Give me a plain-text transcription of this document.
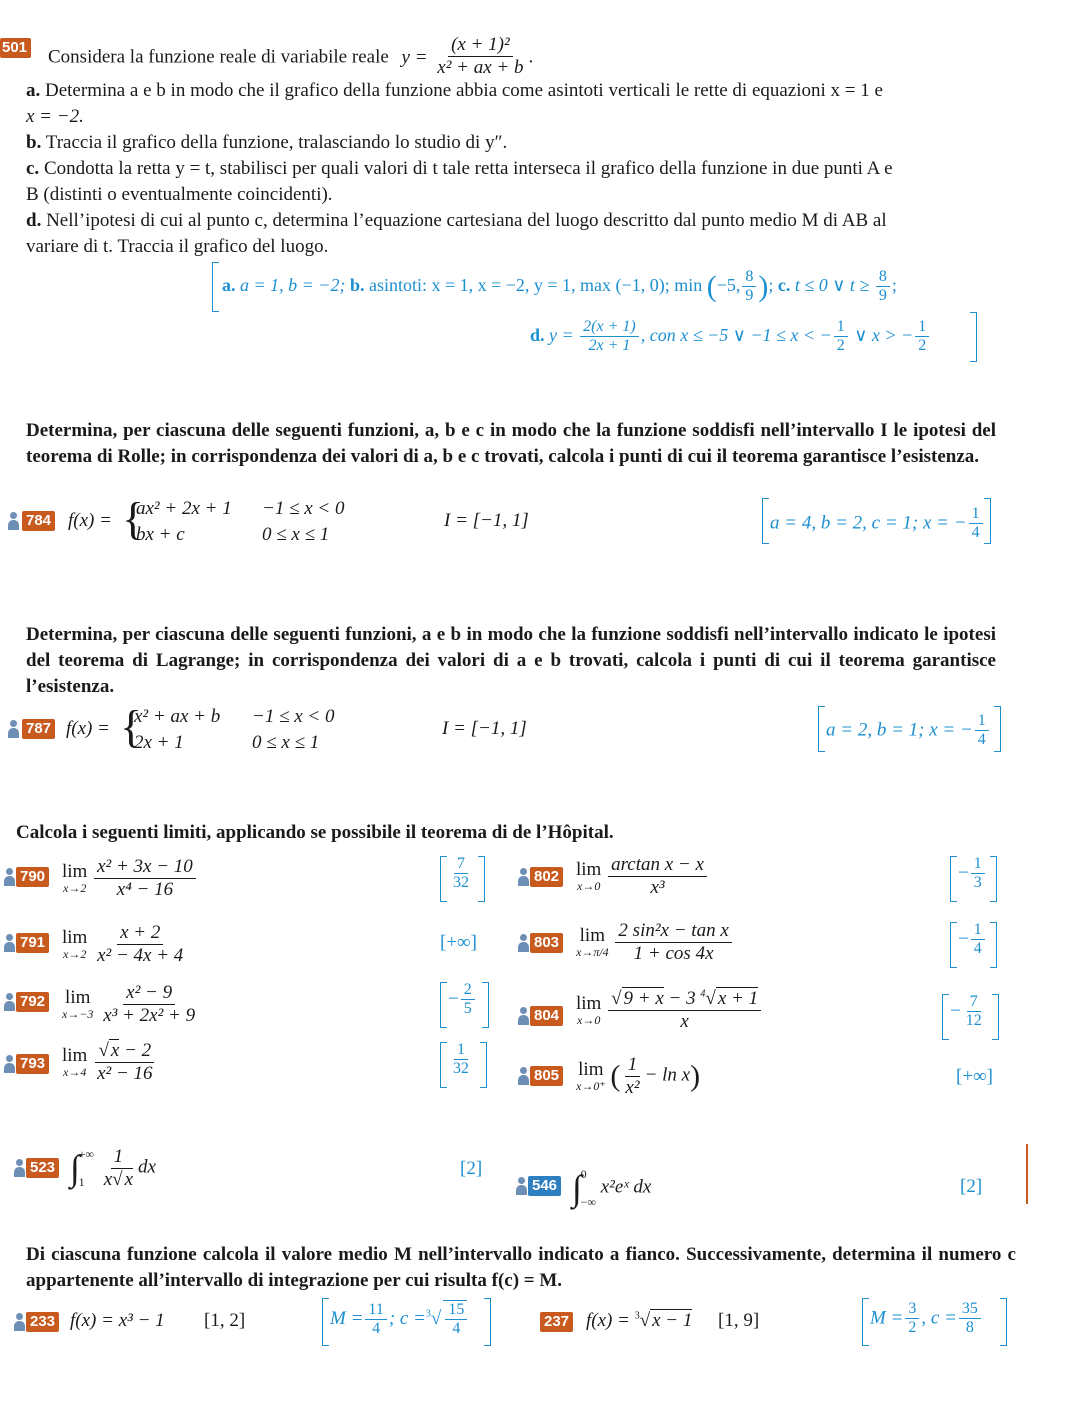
501 Considera la funzione reale di variabile reale $y = \frac{\text{(x + 1)²}}{\text{x² + ax + b}}$ .
a. Determina a e b in modo che il grafico della funzione abbia come asintoti verticali le rette di equazioni x = 1 e
x = −2.
b. Traccia il grafico della funzione, tralasciando lo studio di y″.
c. Condotta la retta y = t, stabilisci per quali valori di t tale retta interseca il grafico della funzione in due punti A e
B (distinti o eventualmente coincidenti).
d. Nell’ipotesi di cui al punto c, determina l’equazione cartesiana del luogo descritto dal punto medio M di AB al
variare di t. Traccia il grafico del luogo.
a. a = 1, b = −2; b. asintoti: x = 1, x = −2, y = 1, max (−1, 0); min (−5, $\frac{8}{9}$ ); c. t ≤ 0 ∨ $t \ge \frac{8}{9}$ ;
d. $y = \frac{2(x + 1)}{2x + 1}$ , con x ≤ −5 ∨ −1 ≤ x < − $\frac{1}{2}$ ∨ x > − $\frac{1}{2}$
Determina, per ciascuna delle seguenti funzioni, a, b e c in modo che la funzione soddisfi nell’intervallo I le ipotesi del teorema di Rolle; in corrispondenza dei valori di a, b e c trovati, calcola i punti di cui il teorema garantisce l’esistenza.
784 f(x) = {
ax² + 2x + 1 −1 ≤ x < 0
bx + c	0 ≤ x ≤ 1
I = [−1, 1]	a = 4, b = 2, c = 1; x = − $\frac{1}{4}$
Determina, per ciascuna delle seguenti funzioni, a e b in modo che la funzione soddisfi nell’intervallo indicato le ipotesi del teorema di Lagrange; in corrispondenza dei valori di a e b trovati, calcola i punti di cui il teorema garantisce l’esistenza.
787 f(x) = {
x² + ax + b −1 ≤ x < 0
2x + 1	0 ≤ x ≤ 1
I = [−1, 1]	a = 2, b = 1; x = − $\frac{1}{4}$
Calcola i seguenti limiti, applicando se possibile il teorema di de l’Hôpital.
790 lim
x→2
$\frac{\text{x² + 3x − 10}}{\text{x⁴ − 16}}$	$\frac{7}{32}$	802 lim
x→0
$\frac{\text{arctan x − x}}{\text{x³}}$	− $\frac{1}{3}$
791 lim
x→2
$\frac{x + 2}{\text{x² − 4x + 4}}$	[+∞]	803 lim
x→π/4
$\frac{\text{2 sin²x − tan x}}{1 + \cos 4x}$	− $\frac{1}{4}$
792 lim
x→−3
$\frac{\text{x² − 9}}{\text{x³ + 2x² + 9}}$	− $\frac{2}{5}$	804
lim
x→0
$\frac{√ 9 + x - 3 ^4√ x + 1}{x}$	− $\frac{7}{12}$
793 lim
x→4
$\frac{√ x - 2}{\text{x² − 16}}$	$\frac{1}{32}$	805 lim
x→0⁺ ( $\frac{1}{\text{x²}} - \ln x$)	[+∞]
523 ∫
+∞
1
$\frac{1}{x√ x}$ dx	[2]
546 ∫
0
−∞
x²eˣ dx	[2]
Di ciascuna funzione calcola il valore medio M nell’intervallo indicato a fianco. Successivamente, determina il numero c appartenente all’intervallo di integrazione per cui risulta f(c) = M.
233 f(x) = x³ − 1 [1, 2]	$M = \frac{11}{4}$ ; $c =^3√ \frac{15}{4}$	237 f(x) = $^3$√ x − 1 [1, 9]	$M = \frac{3}{2}$ , $c = \frac{35}{8}$
